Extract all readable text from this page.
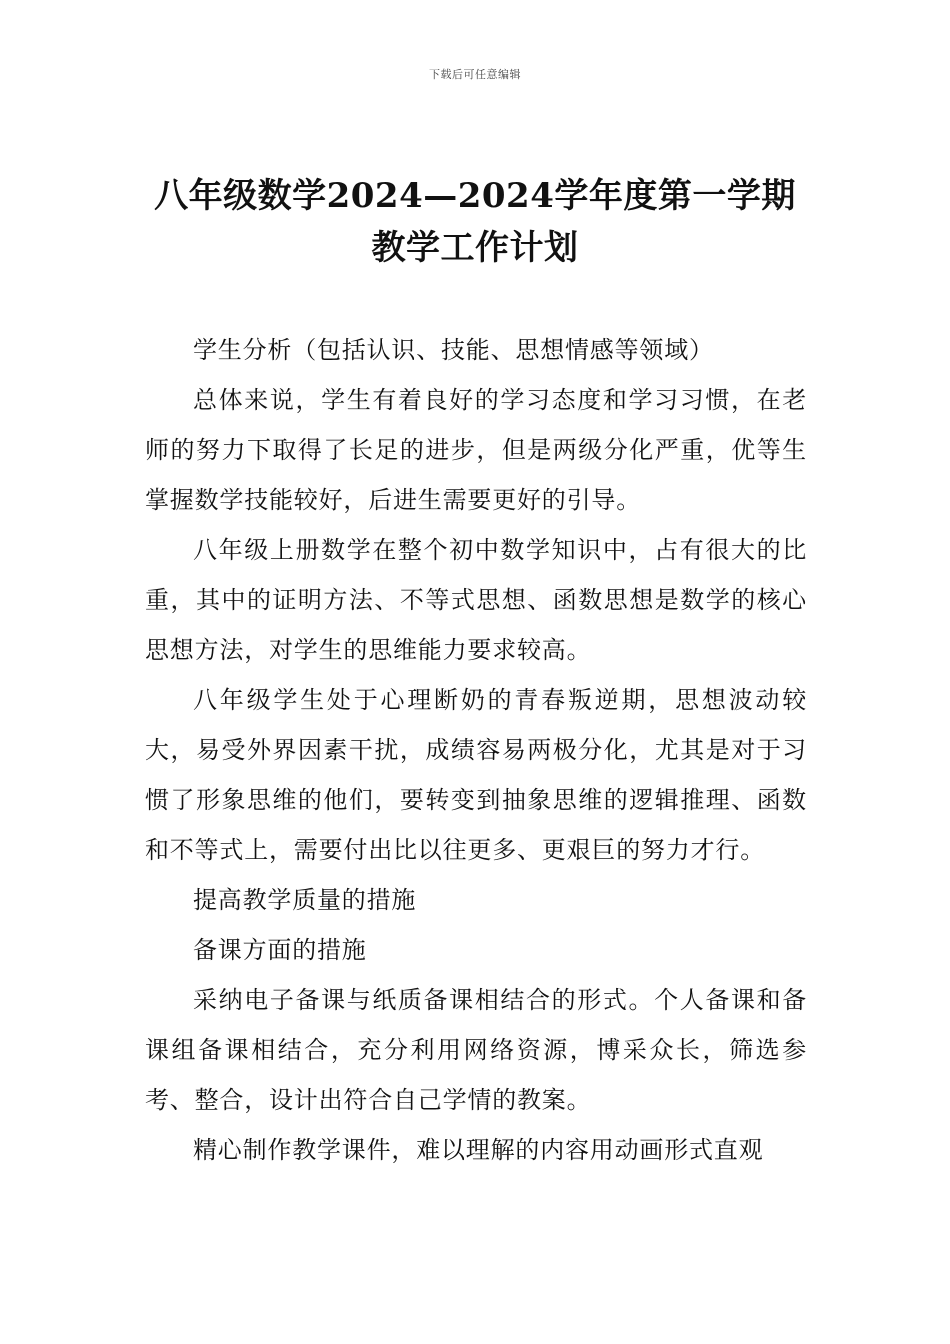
下载后可任意编辑
八年级数学2024—2024学年度第一学期教学工作计划

学生分析（包括认识、技能、思想情感等领域）

总体来说，学生有着良好的学习态度和学习习惯，在老师的努力下取得了长足的进步，但是两级分化严重，优等生掌握数学技能较好，后进生需要更好的引导。

八年级上册数学在整个初中数学知识中，占有很大的比重，其中的证明方法、不等式思想、函数思想是数学的核心思想方法，对学生的思维能力要求较高。

八年级学生处于心理断奶的青春叛逆期，思想波动较大，易受外界因素干扰，成绩容易两极分化，尤其是对于习惯了形象思维的他们，要转变到抽象思维的逻辑推理、函数和不等式上，需要付出比以往更多、更艰巨的努力才行。

提高教学质量的措施

备课方面的措施

采纳电子备课与纸质备课相结合的形式。个人备课和备课组备课相结合，充分利用网络资源，博采众长，筛选参考、整合，设计出符合自己学情的教案。

精心制作教学课件，难以理解的内容用动画形式直观
